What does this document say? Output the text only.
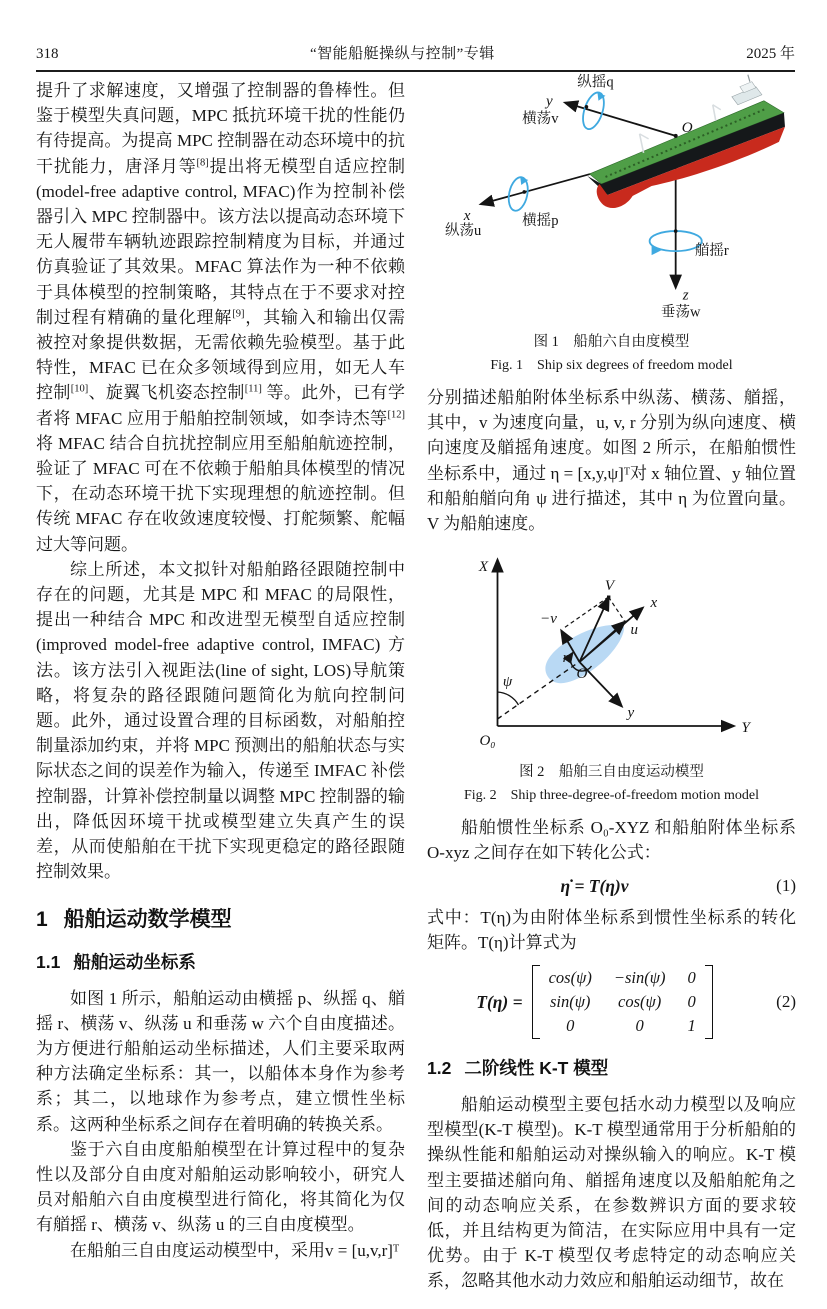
318	“智能船艇操纵与控制”专辑	2025 年

提升了求解速度，又增强了控制器的鲁棒性。但鉴于模型失真问题，MPC 抵抗环境干扰的性能仍有待提高。为提高 MPC 控制器在动态环境中的抗干扰能力，唐泽月等[8]提出将无模型自适应控制(model-free adaptive control, MFAC)作为控制补偿器引入 MPC 控制器中。该方法以提高动态环境下无人履带车辆轨迹跟踪控制精度为目标，并通过仿真验证了其效果。MFAC 算法作为一种不依赖于具体模型的控制策略，其特点在于不要求对控制过程有精确的量化理解[9]，其输入和输出仅需被控对象提供数据，无需依赖先验模型。基于此特性，MFAC 已在众多领域得到应用，如无人车控制[10]、旋翼飞机姿态控制[11] 等。此外，已有学者将 MFAC 应用于船舶控制领域，如李诗杰等[12]将 MFAC 结合自抗扰控制应用至船舶航迹控制，验证了 MFAC 可在不依赖于船舶具体模型的情况下，在动态环境干扰下实现理想的航迹控制。但传统 MFAC 存在收敛速度较慢、打舵频繁、舵幅过大等问题。

综上所述，本文拟针对船舶路径跟随控制中存在的问题，尤其是 MPC 和 MFAC 的局限性，提出一种结合 MPC 和改进型无模型自适应控制 (improved model-free adaptive control, IMFAC) 方法。该方法引入视距法(line of sight, LOS)导航策略，将复杂的路径跟随问题简化为航向控制问题。此外，通过设置合理的目标函数，对船舶控制量添加约束，并将 MPC 预测出的船舶状态与实际状态之间的误差作为输入，传递至 IMFAC 补偿控制器，计算补偿控制量以调整 MPC 控制器的输出，降低因环境干扰或模型建立失真产生的误差，从而使船舶在干扰下实现更稳定的路径跟随控制效果。

1 船舶运动数学模型
1.1 船舶运动坐标系

如图 1 所示，船舶运动由横摇 p、纵摇 q、艏摇 r、横荡 v、纵荡 u 和垂荡 w 六个自由度描述。为方便进行船舶运动坐标描述，人们主要采取两种方法确定坐标系：其一，以船体本身作为参考系；其二，以地球作为参考点，建立惯性坐标系。这两种坐标系之间存在着明确的转换关系。

鉴于六自由度船舶模型在计算过程中的复杂性以及部分自由度对船舶运动影响较小，研究人员对船舶六自由度模型进行简化，将其简化为仅有艏摇 r、横荡 v、纵荡 u 的三自由度模型。

在船舶三自由度运动模型中，采用v = [u,v,r]ᵀ

纵摇q
y
横荡v
O
x
纵荡u
横摇p
艏摇r
z
垂荡w
图 1　船舶六自由度模型
Fig. 1　Ship six degrees of freedom model

分别描述船舶附体坐标系中纵荡、横荡、艏摇，其中，v 为速度向量，u, v, r 分别为纵向速度、横向速度及艏摇角速度。如图 2 所示，在船舶惯性坐标系中，通过 η = [x,y,ψ]ᵀ对 x 轴位置、y 轴位置和船舶艏向角 ψ 进行描述，其中 η 为位置向量。V 为船舶速度。

X
Y
O₀
ψ
V
x
u
−v
y
r
O
图 2　船舶三自由度运动模型
Fig. 2　Ship three-degree-of-freedom motion model

船舶惯性坐标系 O₀-XYZ 和船舶附体坐标系 O-xyz 之间存在如下转化公式：

η̇ = T(η)v	(1)

式中：T(η)为由附体坐标系到惯性坐标系的转化矩阵。T(η)计算式为

T(η) =
cos(ψ) −sin(ψ) 0
sin(ψ) cos(ψ) 0
0	0	1
(2)
1.2 二阶线性 K-T 模型

船舶运动模型主要包括水动力模型以及响应型模型(K-T 模型)。K-T 模型通常用于分析船舶的操纵性能和船舶运动对操纵输入的响应。K-T 模型主要描述艏向角、艏摇角速度以及船舶舵角之间的动态响应关系，在参数辨识方面的要求较低，并且结构更为简洁，在实际应用中具有一定优势。由于 K-T 模型仅考虑特定的动态响应关系，忽略其他水动力效应和船舶运动细节，故在
